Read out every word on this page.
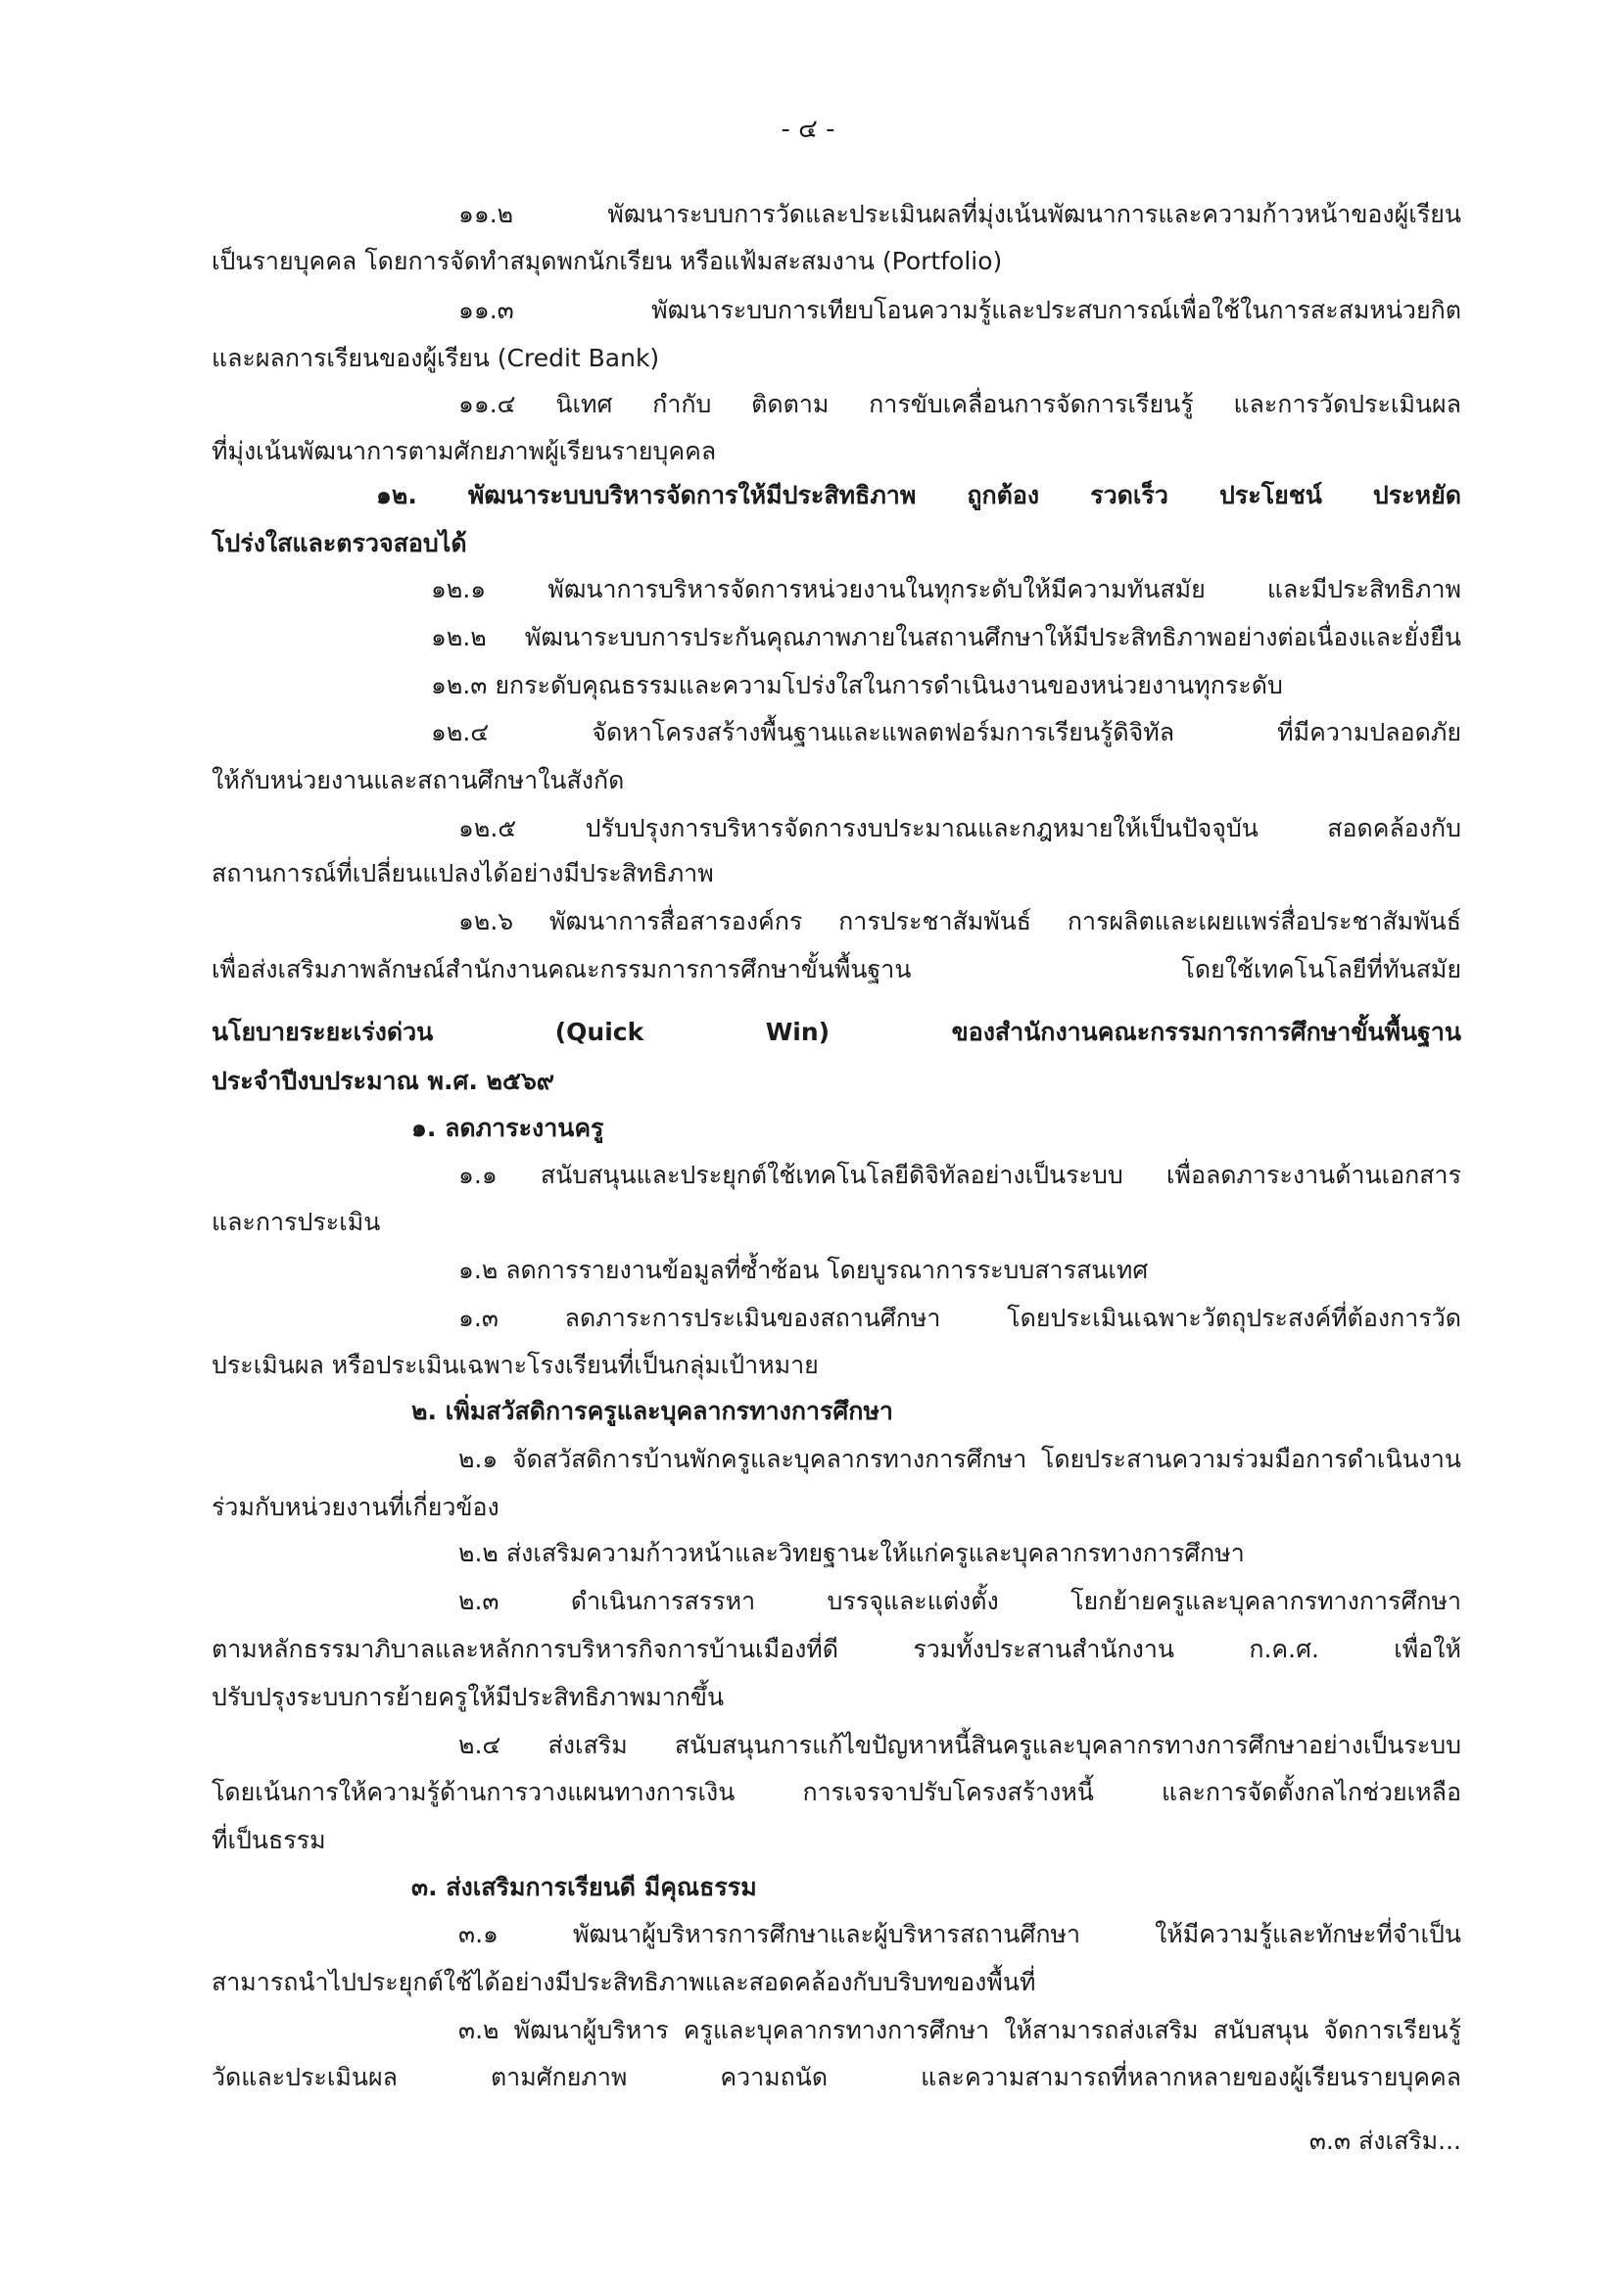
- ๔ -
๑๑.๒ พัฒนาระบบการวัดและประเมินผลที่มุ่งเน้นพัฒนาการและความก้าวหน้าของผู้เรียน
เป็นรายบุคคล โดยการจัดทำสมุดพกนักเรียน หรือแฟ้มสะสมงาน (Portfolio)
๑๑.๓ พัฒนาระบบการเทียบโอนความรู้และประสบการณ์เพื่อใช้ในการสะสมหน่วยกิต
และผลการเรียนของผู้เรียน (Credit Bank)
๑๑.๔ นิเทศ กำกับ ติดตาม การขับเคลื่อนการจัดการเรียนรู้ และการวัดประเมินผล
ที่มุ่งเน้นพัฒนาการตามศักยภาพผู้เรียนรายบุคคล
๑๒. พัฒนาระบบบริหารจัดการให้มีประสิทธิภาพ ถูกต้อง รวดเร็ว ประโยชน์ ประหยัด
โปร่งใสและตรวจสอบได้
๑๒.๑ พัฒนาการบริหารจัดการหน่วยงานในทุกระดับให้มีความทันสมัย และมีประสิทธิภาพ
๑๒.๒ พัฒนาระบบการประกันคุณภาพภายในสถานศึกษาให้มีประสิทธิภาพอย่างต่อเนื่องและยั่งยืน
๑๒.๓ ยกระดับคุณธรรมและความโปร่งใสในการดำเนินงานของหน่วยงานทุกระดับ
๑๒.๔ จัดหาโครงสร้างพื้นฐานและแพลตฟอร์มการเรียนรู้ดิจิทัล ที่มีความปลอดภัย
ให้กับหน่วยงานและสถานศึกษาในสังกัด
๑๒.๕ ปรับปรุงการบริหารจัดการงบประมาณและกฎหมายให้เป็นปัจจุบัน สอดคล้องกับ
สถานการณ์ที่เปลี่ยนแปลงได้อย่างมีประสิทธิภาพ
๑๒.๖ พัฒนาการสื่อสารองค์กร การประชาสัมพันธ์ การผลิตและเผยแพร่สื่อประชาสัมพันธ์
เพื่อส่งเสริมภาพลักษณ์สำนักงานคณะกรรมการการศึกษาขั้นพื้นฐาน โดยใช้เทคโนโลยีที่ทันสมัย
นโยบายระยะเร่งด่วน (Quick Win) ของสำนักงานคณะกรรมการการศึกษาขั้นพื้นฐาน
ประจำปีงบประมาณ พ.ศ. ๒๕๖๙
๑. ลดภาระงานครู
๑.๑ สนับสนุนและประยุกต์ใช้เทคโนโลยีดิจิทัลอย่างเป็นระบบ เพื่อลดภาระงานด้านเอกสาร
และการประเมิน
๑.๒ ลดการรายงานข้อมูลที่ซ้ำซ้อน โดยบูรณาการระบบสารสนเทศ
๑.๓ ลดภาระการประเมินของสถานศึกษา โดยประเมินเฉพาะวัตถุประสงค์ที่ต้องการวัด
ประเมินผล หรือประเมินเฉพาะโรงเรียนที่เป็นกลุ่มเป้าหมาย
๒. เพิ่มสวัสดิการครูและบุคลากรทางการศึกษา
๒.๑ จัดสวัสดิการบ้านพักครูและบุคลากรทางการศึกษา โดยประสานความร่วมมือการดำเนินงาน
ร่วมกับหน่วยงานที่เกี่ยวข้อง
๒.๒ ส่งเสริมความก้าวหน้าและวิทยฐานะให้แก่ครูและบุคลากรทางการศึกษา
๒.๓ ดำเนินการสรรหา บรรจุและแต่งตั้ง โยกย้ายครูและบุคลากรทางการศึกษา
ตามหลักธรรมาภิบาลและหลักการบริหารกิจการบ้านเมืองที่ดี รวมทั้งประสานสำนักงาน ก.ค.ศ. เพื่อให้
ปรับปรุงระบบการย้ายครูให้มีประสิทธิภาพมากขึ้น
๒.๔ ส่งเสริม สนับสนุนการแก้ไขปัญหาหนี้สินครูและบุคลากรทางการศึกษาอย่างเป็นระบบ
โดยเน้นการให้ความรู้ด้านการวางแผนทางการเงิน การเจรจาปรับโครงสร้างหนี้ และการจัดตั้งกลไกช่วยเหลือ
ที่เป็นธรรม
๓. ส่งเสริมการเรียนดี มีคุณธรรม
๓.๑ พัฒนาผู้บริหารการศึกษาและผู้บริหารสถานศึกษา ให้มีความรู้และทักษะที่จำเป็น
สามารถนำไปประยุกต์ใช้ได้อย่างมีประสิทธิภาพและสอดคล้องกับบริบทของพื้นที่
๓.๒ พัฒนาผู้บริหาร ครูและบุคลากรทางการศึกษา ให้สามารถส่งเสริม สนับสนุน จัดการเรียนรู้
วัดและประเมินผล ตามศักยภาพ ความถนัด และความสามารถที่หลากหลายของผู้เรียนรายบุคคล
๓.๓ ส่งเสริม...
